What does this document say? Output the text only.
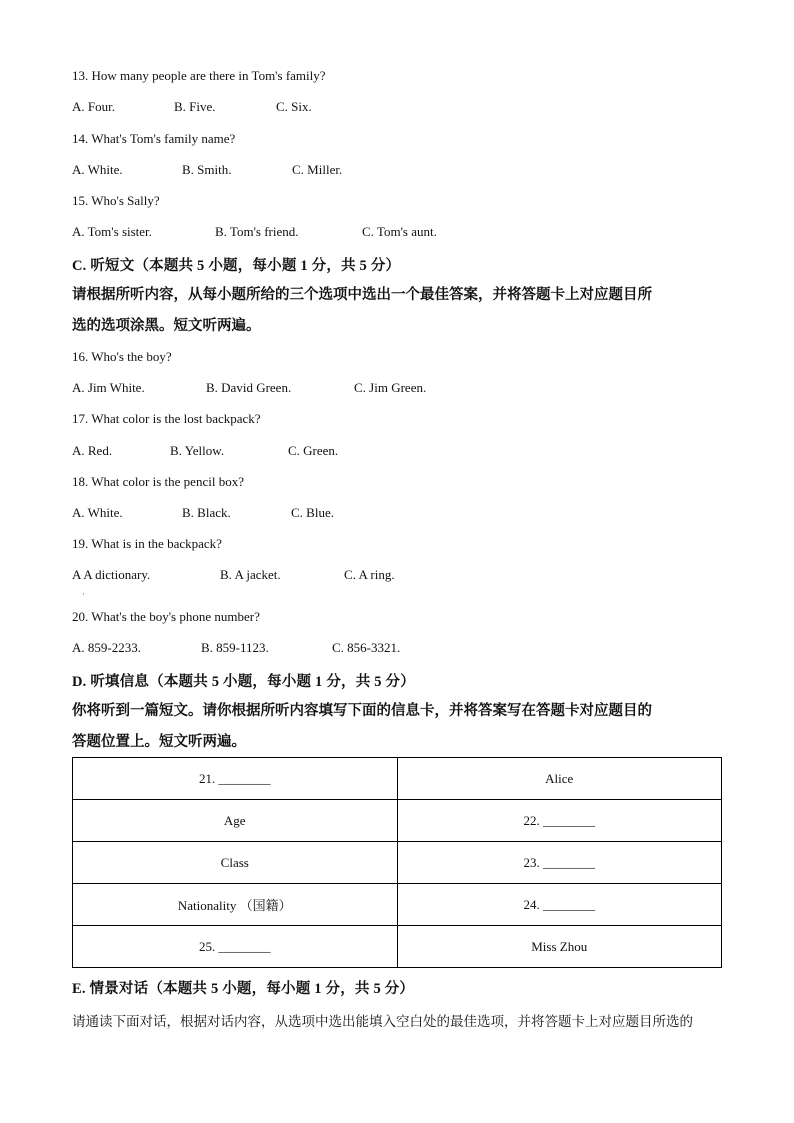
13. How many people are there in Tom's family?
A. Four.	B. Five.	C. Six.
14. What's Tom's family name?
A. White.	B. Smith.	C. Miller.
15. Who's Sally?
A. Tom's sister.	B. Tom's friend.	C. Tom's aunt.
C. 听短文（本题共 5 小题，每小题 1 分，共 5 分）
请根据所听内容，从每小题所给的三个选项中选出一个最佳答案，并将答题卡上对应题目所
选的选项涂黑。短文听两遍。
16. Who's the boy?
A. Jim White.	B. David Green.	C. Jim Green.
17. What color is the lost backpack?
A. Red.	B. Yellow.	C. Green.
18. What color is the pencil box?
A. White.	B. Black.	C. Blue.
19. What is in the backpack?
A A dictionary.	B. A jacket.	C. A ring.
·
20. What's the boy's phone number?
A. 859-2233.	B. 859-1123.	C. 856-3321.
D. 听填信息（本题共 5 小题，每小题 1 分，共 5 分）
你将听到一篇短文。请你根据所听内容填写下面的信息卡，并将答案写在答题卡对应题目的
答题位置上。短文听两遍。
21. ________	Alice
Age	22. ________
Class	23. ________
Nationality （国籍）	24. ________
25. ________	Miss Zhou
E. 情景对话（本题共 5 小题，每小题 1 分，共 5 分）
请通读下面对话，根据对话内容，从选项中选出能填入空白处的最佳选项，并将答题卡上对应题目所选的
